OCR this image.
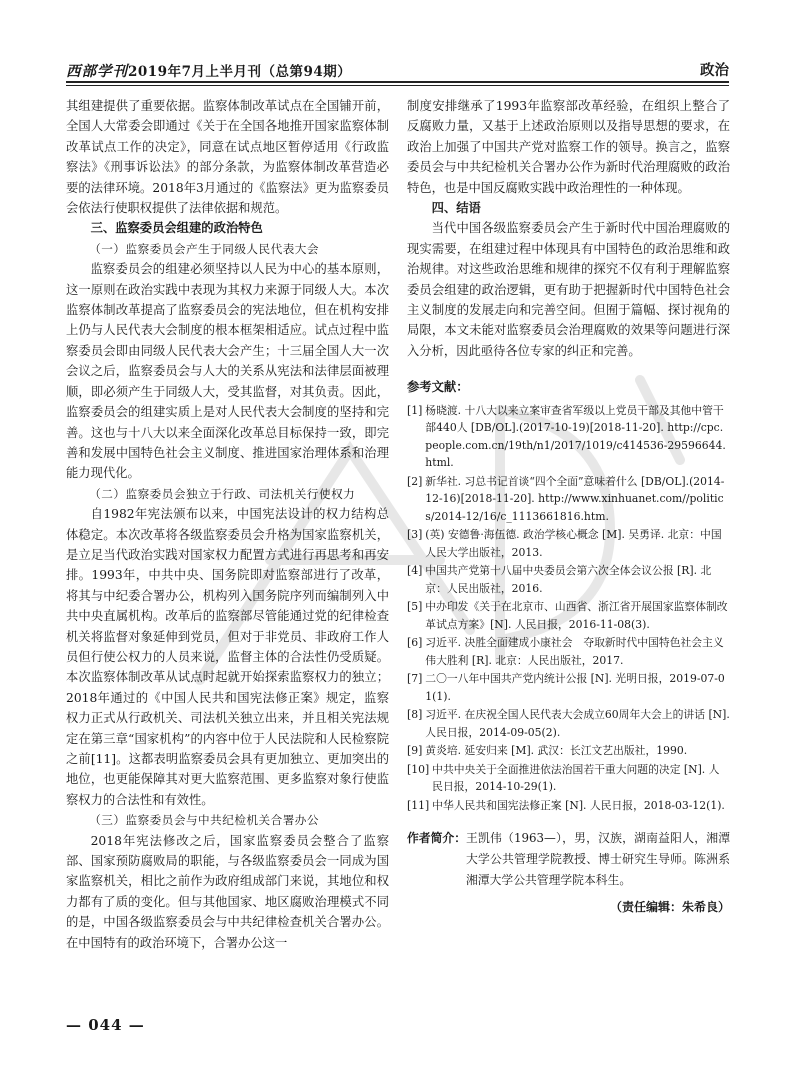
西部学刊2019年7月上半月刊（总第94期）	政治

其组建提供了重要依据。监察体制改革试点在全国铺开前，全国人大常委会即通过《关于在全国各地推开国家监察体制改革试点工作的决定》，同意在试点地区暂停适用《行政监察法》《刑事诉讼法》的部分条款，为监察体制改革营造必要的法律环境。2018年3月通过的《监察法》更为监察委员会依法行使职权提供了法律依据和规范。

三、监察委员会组建的政治特色
（一）监察委员会产生于同级人民代表大会

监察委员会的组建必须坚持以人民为中心的基本原则，这一原则在政治实践中表现为其权力来源于同级人大。本次监察体制改革提高了监察委员会的宪法地位，但在机构安排上仍与人民代表大会制度的根本框架相适应。试点过程中监察委员会即由同级人民代表大会产生；十三届全国人大一次会议之后，监察委员会与人大的关系从宪法和法律层面被理顺，即必须产生于同级人大，受其监督，对其负责。因此，监察委员会的组建实质上是对人民代表大会制度的坚持和完善。这也与十八大以来全面深化改革总目标保持一致，即完善和发展中国特色社会主义制度、推进国家治理体系和治理能力现代化。

（二）监察委员会独立于行政、司法机关行使权力

自1982年宪法颁布以来，中国宪法设计的权力结构总体稳定。本次改革将各级监察委员会升格为国家监察机关，是立足当代政治实践对国家权力配置方式进行再思考和再安排。1993年，中共中央、国务院即对监察部进行了改革，将其与中纪委合署办公，机构列入国务院序列而编制列入中共中央直属机构。改革后的监察部尽管能通过党的纪律检查机关将监督对象延伸到党员，但对于非党员、非政府工作人员但行使公权力的人员来说，监督主体的合法性仍受质疑。本次监察体制改革从试点时起就开始探索监察权力的独立；2018年通过的《中国人民共和国宪法修正案》规定，监察权力正式从行政机关、司法机关独立出来，并且相关宪法规定在第三章“国家机构”的内容中位于人民法院和人民检察院之前[11]。这都表明监察委员会具有更加独立、更加突出的地位，也更能保障其对更大监察范围、更多监察对象行使监察权力的合法性和有效性。

（三）监察委员会与中共纪检机关合署办公

2018年宪法修改之后，国家监察委员会整合了监察部、国家预防腐败局的职能，与各级监察委员会一同成为国家监察机关，相比之前作为政府组成部门来说，其地位和权力都有了质的变化。但与其他国家、地区腐败治理模式不同的是，中国各级监察委员会与中共纪律检查机关合署办公。在中国特有的政治环境下，合署办公这一

制度安排继承了1993年监察部改革经验，在组织上整合了反腐败力量，又基于上述政治原则以及指导思想的要求，在政治上加强了中国共产党对监察工作的领导。换言之，监察委员会与中共纪检机关合署办公作为新时代治理腐败的政治特色，也是中国反腐败实践中政治理性的一种体现。

四、结语

当代中国各级监察委员会产生于新时代中国治理腐败的现实需要，在组建过程中体现具有中国特色的政治思维和政治规律。对这些政治思维和规律的探究不仅有利于理解监察委员会组建的政治逻辑，更有助于把握新时代中国特色社会主义制度的发展走向和完善空间。但囿于篇幅、探讨视角的局限，本文未能对监察委员会治理腐败的效果等问题进行深入分析，因此亟待各位专家的纠正和完善。

参考文献：
[1] 杨晓渡. 十八大以来立案审查省军级以上党员干部及其他中管干部440人 [DB/OL].(2017-10-19)[2018-11-20]. http://cpc.people.com.cn/19th/n1/2017/1019/c414536-29596644.html.
[2] 新华社. 习总书记首谈“四个全面”意味着什么 [DB/OL].(2014-12-16)[2018-11-20]. http://www.xinhuanet.com//politics/2014-12/16/c_1113661816.htm.
[3] (英) 安德鲁·海伍德. 政治学核心概念 [M]. 吴勇译. 北京：中国人民大学出版社，2013.
[4] 中国共产党第十八届中央委员会第六次全体会议公报 [R]. 北京：人民出版社，2016.
[5] 中办印发《关于在北京市、山西省、浙江省开展国家监察体制改革试点方案》[N]. 人民日报，2016-11-08(3).
[6] 习近平. 决胜全面建成小康社会　夺取新时代中国特色社会主义伟大胜利 [R]. 北京：人民出版社，2017.
[7] 二〇一八年中国共产党内统计公报 [N]. 光明日报，2019-07-01(1).
[8] 习近平. 在庆祝全国人民代表大会成立60周年大会上的讲话 [N]. 人民日报，2014-09-05(2).
[9] 黄炎培. 延安归来 [M]. 武汉：长江文艺出版社，1990.
[10] 中共中央关于全面推进依法治国若干重大问题的决定 [N]. 人民日报，2014-10-29(1).
[11] 中华人民共和国宪法修正案 [N]. 人民日报，2018-03-12(1).
作者简介： 王凯伟（1963—），男，汉族，湖南益阳人，湘潭大学公共管理学院教授、博士研究生导师。陈洲系湘潭大学公共管理学院本科生。
（责任编辑：朱希良）
— 044 —
